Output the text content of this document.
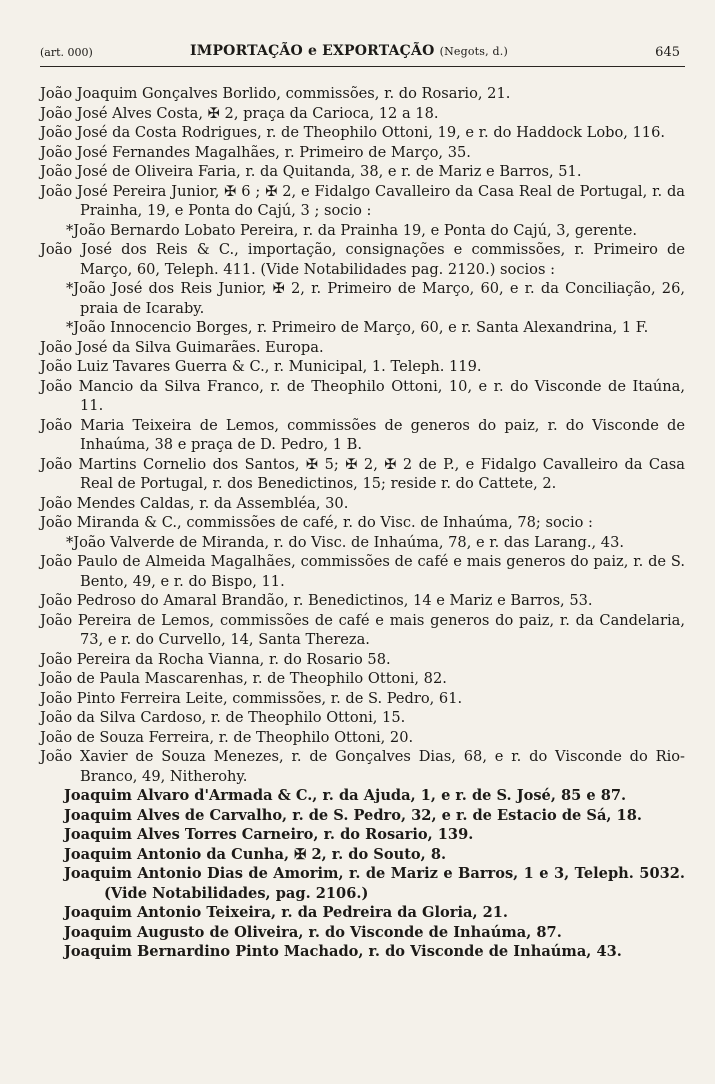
(art. 000)	IMPORTAÇÃO e EXPORTAÇÃO (Negots, d.)	645

João Joaquim Gonçalves Borlido, commissões, r. do Rosario, 21.

João José Alves Costa, ✠ 2, praça da Carioca, 12 a 18.

João José da Costa Rodrigues, r. de Theophilo Ottoni, 19, e r. do Haddock Lobo, 116.

João José Fernandes Magalhães, r. Primeiro de Março, 35.

João José de Oliveira Faria, r. da Quitanda, 38, e r. de Mariz e Barros, 51.

João José Pereira Junior, ✠ 6 ; ✠ 2, e Fidalgo Cavalleiro da Casa Real de Portugal, r. da Prainha, 19, e Ponta do Cajú, 3 ; socio :

*João Bernardo Lobato Pereira, r. da Prainha 19, e Ponta do Cajú, 3, gerente.

João José dos Reis & C., importação, consignações e commissões, r. Primeiro de Março, 60, Teleph. 411. (Vide Notabilidades pag. 2120.) socios :

*João José dos Reis Junior, ✠ 2, r. Primeiro de Março, 60, e r. da Conciliação, 26, praia de Icaraby.

*João Innocencio Borges, r. Primeiro de Março, 60, e r. Santa Alexandrina, 1 F.

João José da Silva Guimarães. Europa.

João Luiz Tavares Guerra & C., r. Municipal, 1. Teleph. 119.

João Mancio da Silva Franco, r. de Theophilo Ottoni, 10, e r. do Visconde de Itaúna, 11.

João Maria Teixeira de Lemos, commissões de generos do paiz, r. do Visconde de Inhaúma, 38 e praça de D. Pedro, 1 B.

João Martins Cornelio dos Santos, ✠ 5; ✠ 2, ✠ 2 de P., e Fidalgo Cavalleiro da Casa Real de Portugal, r. dos Benedictinos, 15; reside r. do Cattete, 2.

João Mendes Caldas, r. da Assembléa, 30.

João Miranda & C., commissões de café, r. do Visc. de Inhaúma, 78; socio :

*João Valverde de Miranda, r. do Visc. de Inhaúma, 78, e r. das Larang., 43.

João Paulo de Almeida Magalhães, commissões de café e mais generos do paiz, r. de S. Bento, 49, e r. do Bispo, 11.

João Pedroso do Amaral Brandão, r. Benedictinos, 14 e Mariz e Barros, 53.

João Pereira de Lemos, commissões de café e mais generos do paiz, r. da Candelaria, 73, e r. do Curvello, 14, Santa Thereza.

João Pereira da Rocha Vianna, r. do Rosario 58.

João de Paula Mascarenhas, r. de Theophilo Ottoni, 82.

João Pinto Ferreira Leite, commissões, r. de S. Pedro, 61.

João da Silva Cardoso, r. de Theophilo Ottoni, 15.

João de Souza Ferreira, r. de Theophilo Ottoni, 20.

João Xavier de Souza Menezes, r. de Gonçalves Dias, 68, e r. do Visconde do Rio-Branco, 49, Nitherohy.

Joaquim Alvaro d'Armada & C., r. da Ajuda, 1, e r. de S. José, 85 e 87.

Joaquim Alves de Carvalho, r. de S. Pedro, 32, e r. de Estacio de Sá, 18.

Joaquim Alves Torres Carneiro, r. do Rosario, 139.

Joaquim Antonio da Cunha, ✠ 2, r. do Souto, 8.

Joaquim Antonio Dias de Amorim, r. de Mariz e Barros, 1 e 3, Teleph. 5032. (Vide Notabilidades, pag. 2106.)

Joaquim Antonio Teixeira, r. da Pedreira da Gloria, 21.

Joaquim Augusto de Oliveira, r. do Visconde de Inhaúma, 87.

Joaquim Bernardino Pinto Machado, r. do Visconde de Inhaúma, 43.
